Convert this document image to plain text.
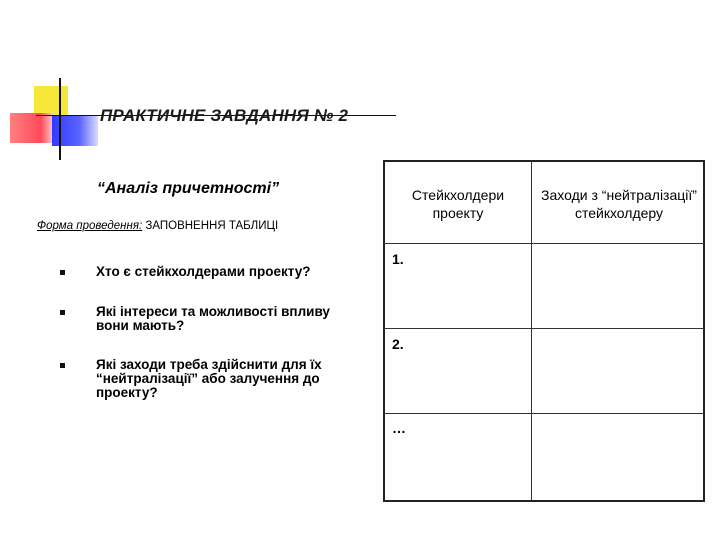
ПРАКТИЧНЕ ЗАВДАННЯ № 2
“Аналіз причетності”
Форма проведення: ЗАПОВНЕННЯ ТАБЛИЦІ
Хто є стейкхолдерами проекту?
Які інтереси та можливості впливу вони мають?
Які заходи треба здійснити для їх “нейтралізації” або залучення до проекту?
Стейкхолдери проекту
Заходи з “нейтралізації” стейкхолдеру
1.
2.
…
